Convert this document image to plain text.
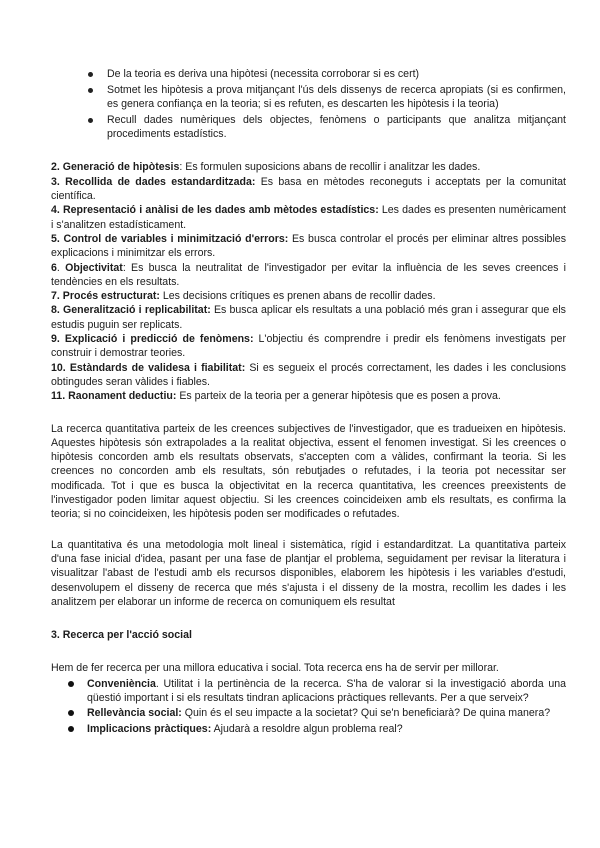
De la teoria es deriva una hipòtesi (necessita corroborar si es cert)
Sotmet les hipòtesis a prova mitjançant l'ús dels dissenys de recerca apropiats (si es confirmen, es genera confiança en la teoria; si es refuten, es descarten les hipòtesis i la teoria)
Recull dades numèriques dels objectes, fenòmens o participants que analitza mitjançant procediments estadístics.

2. Generació de hipòtesis: Es formulen suposicions abans de recollir i analitzar les dades.

3. Recollida de dades estandarditzada: Es basa en mètodes reconeguts i acceptats per la comunitat científica.

4. Representació i anàlisi de les dades amb mètodes estadístics: Les dades es presenten numèricament i s'analitzen estadísticament.

5. Control de variables i minimització d'errors: Es busca controlar el procés per eliminar altres possibles explicacions i minimitzar els errors.

6. Objectivitat: Es busca la neutralitat de l'investigador per evitar la influència de les seves creences i tendències en els resultats.

7. Procés estructurat: Les decisions crítiques es prenen abans de recollir dades.

8. Generalització i replicabilitat: Es busca aplicar els resultats a una població més gran i assegurar que els estudis puguin ser replicats.

9. Explicació i predicció de fenòmens: L'objectiu és comprendre i predir els fenòmens investigats per construir i demostrar teories.

10. Estàndards de validesa i fiabilitat: Si es segueix el procés correctament, les dades i les conclusions obtingudes seran vàlides i fiables.

11. Raonament deductiu: Es parteix de la teoria per a generar hipòtesis que es posen a prova.

La recerca quantitativa parteix de les creences subjectives de l'investigador, que es tradueixen en hipòtesis. Aquestes hipòtesis són extrapolades a la realitat objectiva, essent el fenomen investigat. Si les creences o hipòtesis concorden amb els resultats observats, s'accepten com a vàlides, confirmant la teoria. Si les creences no concorden amb els resultats, són rebutjades o refutades, i la teoria pot necessitar ser modificada. Tot i que es busca la objectivitat en la recerca quantitativa, les creences preexistents de l'investigador poden limitar aquest objectiu. Si les creences coincideixen amb els resultats, es confirma la teoria; si no coincideixen, les hipòtesis poden ser modificades o refutades.

La quantitativa és una metodologia molt lineal i sistemàtica, rígid i estandarditzat. La quantitativa parteix d'una fase inicial d'idea, pasant per una fase de plantjar el problema, seguidament per revisar la literatura i visualitzar l'abast de l'estudi amb els recursos disponibles, elaborem les hipòtesis i les variables d'estudi, desenvolupem el disseny de recerca que més s'ajusta i el disseny de la mostra, recollim les dades i les analitzem per elaborar un informe de recerca on comuniquem els resultat

3. Recerca per l'acció social

Hem de fer recerca per una millora educativa i social. Tota recerca ens ha de servir per millorar.

Conveniència. Utilitat i la pertinència de la recerca. S'ha de valorar si la investigació aborda una qüestió important i si els resultats tindran aplicacions pràctiques rellevants. Per a que serveix?
Rellevància social: Quin és el seu impacte a la societat? Qui se'n beneficiarà? De quina manera?
Implicacions pràctiques: Ajudarà a resoldre algun problema real?
